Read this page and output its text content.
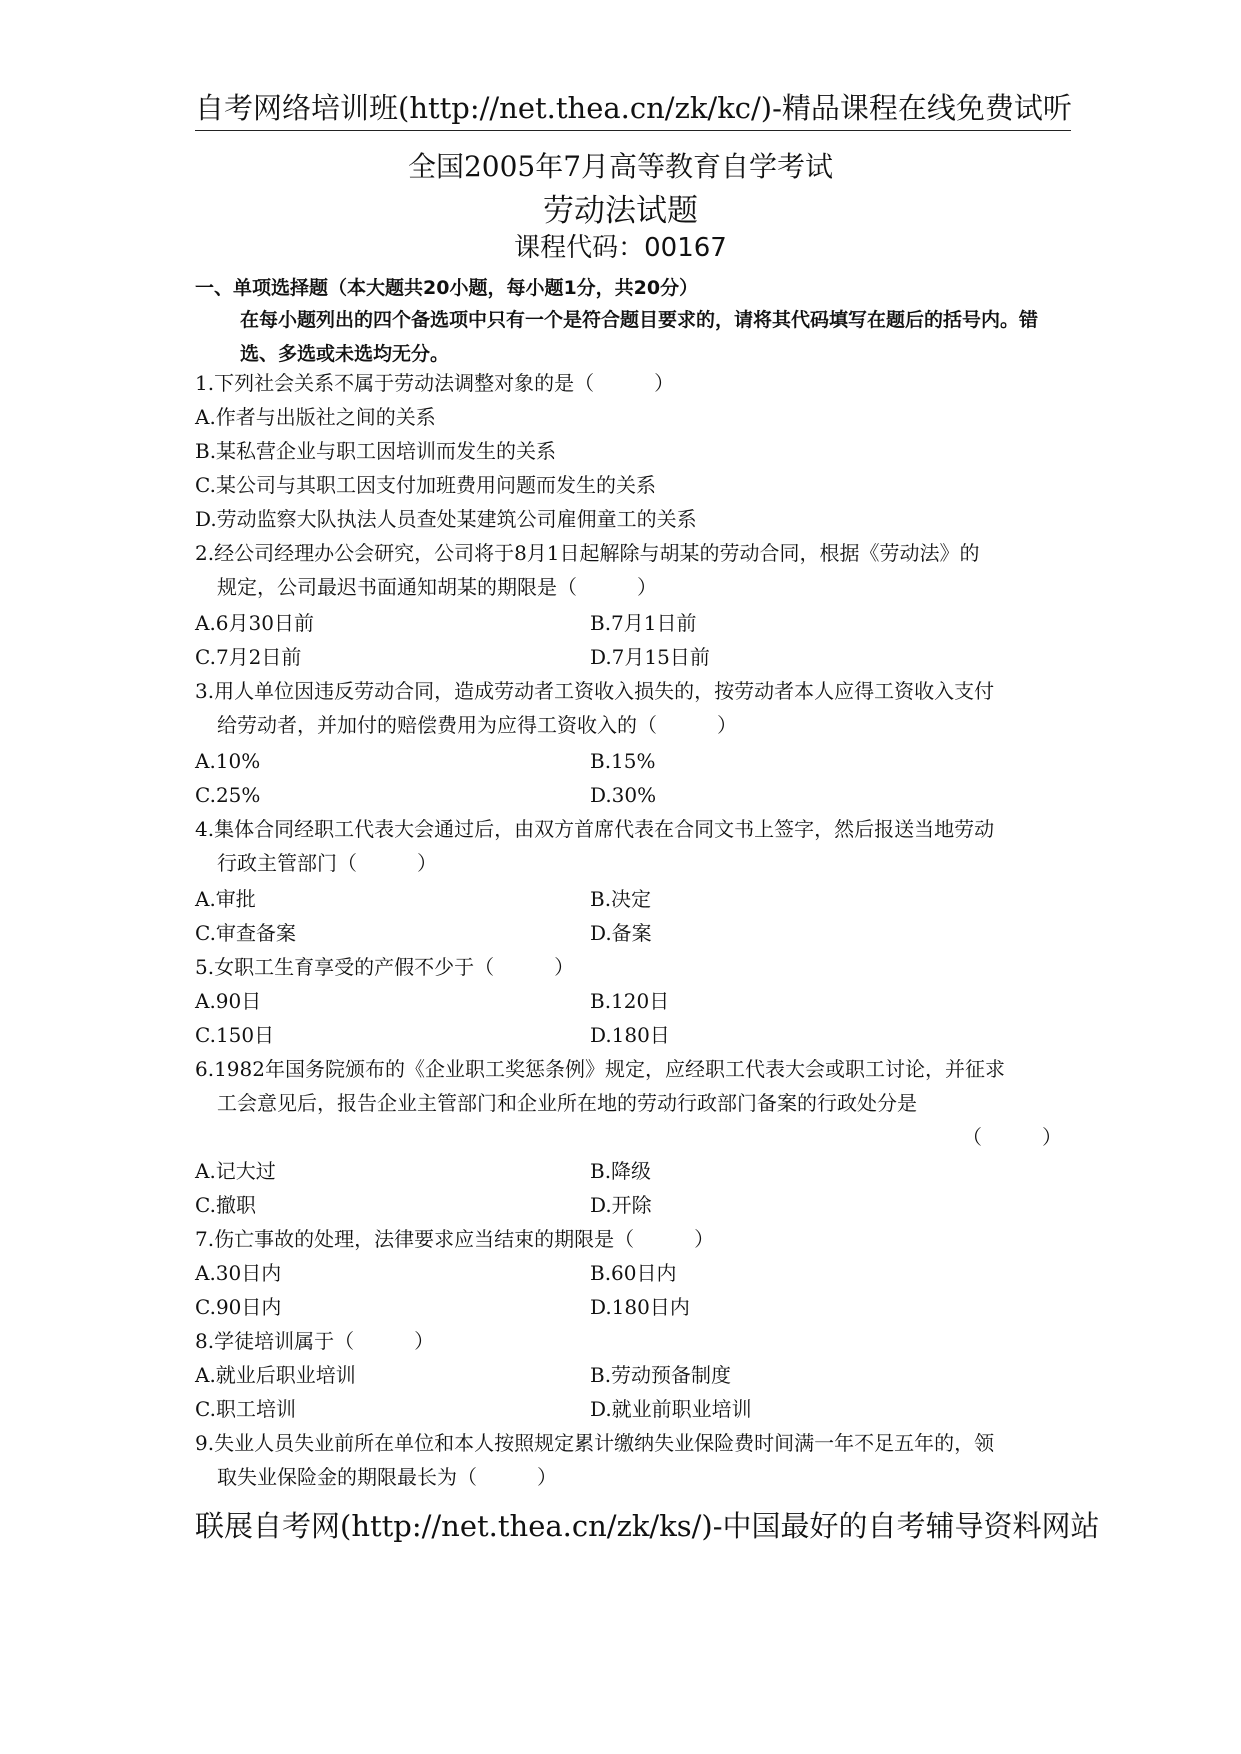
自考网络培训班(http://net.thea.cn/zk/kc/)-精品课程在线免费试听
全国2005年7月高等教育自学考试
劳动法试题
课程代码：00167
一、单项选择题（本大题共20小题，每小题1分，共20分）
在每小题列出的四个备选项中只有一个是符合题目要求的，请将其代码填写在题后的括号内。错选、多选或未选均无分。
1.下列社会关系不属于劳动法调整对象的是（　　　）
A.作者与出版社之间的关系
B.某私营企业与职工因培训而发生的关系
C.某公司与其职工因支付加班费用问题而发生的关系
D.劳动监察大队执法人员查处某建筑公司雇佣童工的关系
2.经公司经理办公会研究，公司将于8月1日起解除与胡某的劳动合同，根据《劳动法》的
规定，公司最迟书面通知胡某的期限是（　　　）
A.6月30日前	B.7月1日前
C.7月2日前	D.7月15日前
3.用人单位因违反劳动合同，造成劳动者工资收入损失的，按劳动者本人应得工资收入支付
给劳动者，并加付的赔偿费用为应得工资收入的（　　　）
A.10%	B.15%
C.25%	D.30%
4.集体合同经职工代表大会通过后，由双方首席代表在合同文书上签字，然后报送当地劳动
行政主管部门（　　　）
A.审批	B.决定
C.审查备案	D.备案
5.女职工生育享受的产假不少于（　　　）
A.90日	B.120日
C.150日	D.180日
6.1982年国务院颁布的《企业职工奖惩条例》规定，应经职工代表大会或职工讨论，并征求
工会意见后，报告企业主管部门和企业所在地的劳动行政部门备案的行政处分是
（　　　）
A.记大过	B.降级
C.撤职	D.开除
7.伤亡事故的处理，法律要求应当结束的期限是（　　　）
A.30日内	B.60日内
C.90日内	D.180日内
8.学徒培训属于（　　　）
A.就业后职业培训	B.劳动预备制度
C.职工培训	D.就业前职业培训
9.失业人员失业前所在单位和本人按照规定累计缴纳失业保险费时间满一年不足五年的，领
取失业保险金的期限最长为（　　　）
联展自考网(http://net.thea.cn/zk/ks/)-中国最好的自考辅导资料网站
